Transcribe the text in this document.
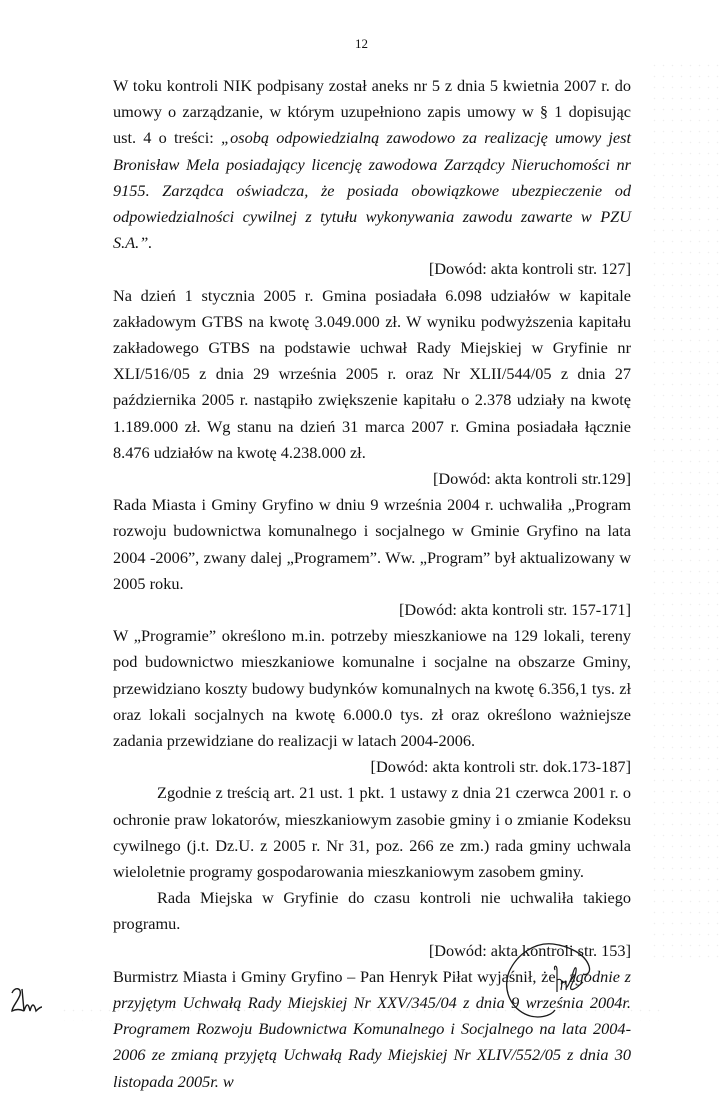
12

W toku kontroli NIK podpisany został aneks nr 5 z dnia 5 kwietnia 2007 r. do umowy o zarządzanie, w którym uzupełniono zapis umowy w § 1 dopisując ust. 4 o treści: „osobą odpowiedzialną zawodowo za realizację umowy jest Bronisław Mela posiadający licencję zawodowa Zarządcy Nieruchomości nr 9155. Zarządca oświadcza, że posiada obowiązkowe ubezpieczenie od odpowiedzialności cywilnej z tytułu wykonywania zawodu zawarte w PZU S.A.”.

[Dowód: akta kontroli str. 127]

Na dzień 1 stycznia 2005 r. Gmina posiadała 6.098 udziałów w kapitale zakładowym GTBS na kwotę 3.049.000 zł. W wyniku podwyższenia kapitału zakładowego GTBS na podstawie uchwał Rady Miejskiej w Gryfinie nr XLI/516/05 z dnia 29 września 2005 r. oraz Nr XLII/544/05 z dnia 27 października 2005 r. nastąpiło zwiększenie kapitału o 2.378 udziały na kwotę 1.189.000 zł. Wg stanu na dzień 31 marca 2007 r. Gmina posiadała łącznie 8.476 udziałów na kwotę 4.238.000 zł.

[Dowód: akta kontroli str.129]

Rada Miasta i Gminy Gryfino w dniu 9 września 2004 r. uchwaliła „Program rozwoju budownictwa komunalnego i socjalnego w Gminie Gryfino na lata 2004 -2006”, zwany dalej „Programem”. Ww. „Program” był aktualizowany w 2005 roku.

[Dowód: akta kontroli str. 157-171]

W „Programie” określono m.in. potrzeby mieszkaniowe na 129 lokali, tereny pod budownictwo mieszkaniowe komunalne i socjalne na obszarze Gminy, przewidziano koszty budowy budynków komunalnych na kwotę 6.356,1 tys. zł oraz lokali socjalnych na kwotę 6.000.0 tys. zł oraz określono ważniejsze zadania przewidziane do realizacji w latach 2004-2006.

[Dowód: akta kontroli str. dok.173-187]

Zgodnie z treścią art. 21 ust. 1 pkt. 1 ustawy z dnia 21 czerwca 2001 r. o ochronie praw lokatorów, mieszkaniowym zasobie gminy i o zmianie Kodeksu cywilnego (j.t. Dz.U. z 2005 r. Nr 31, poz. 266 ze zm.) rada gminy uchwala wieloletnie programy gospodarowania mieszkaniowym zasobem gminy.

Rada Miejska w Gryfinie do czasu kontroli nie uchwaliła takiego programu.

[Dowód: akta kontroli str. 153]

Burmistrz Miasta i Gminy Gryfino – Pan Henryk Piłat wyjaśnił, że „zgodnie z przyjętym Uchwałą Rady Miejskiej Nr XXV/345/04 z dnia 9 września 2004r. Programem Rozwoju Budownictwa Komunalnego i Socjalnego na lata 2004-2006 ze zmianą przyjętą Uchwałą Rady Miejskiej Nr XLIV/552/05 z dnia 30 listopada 2005r. w
